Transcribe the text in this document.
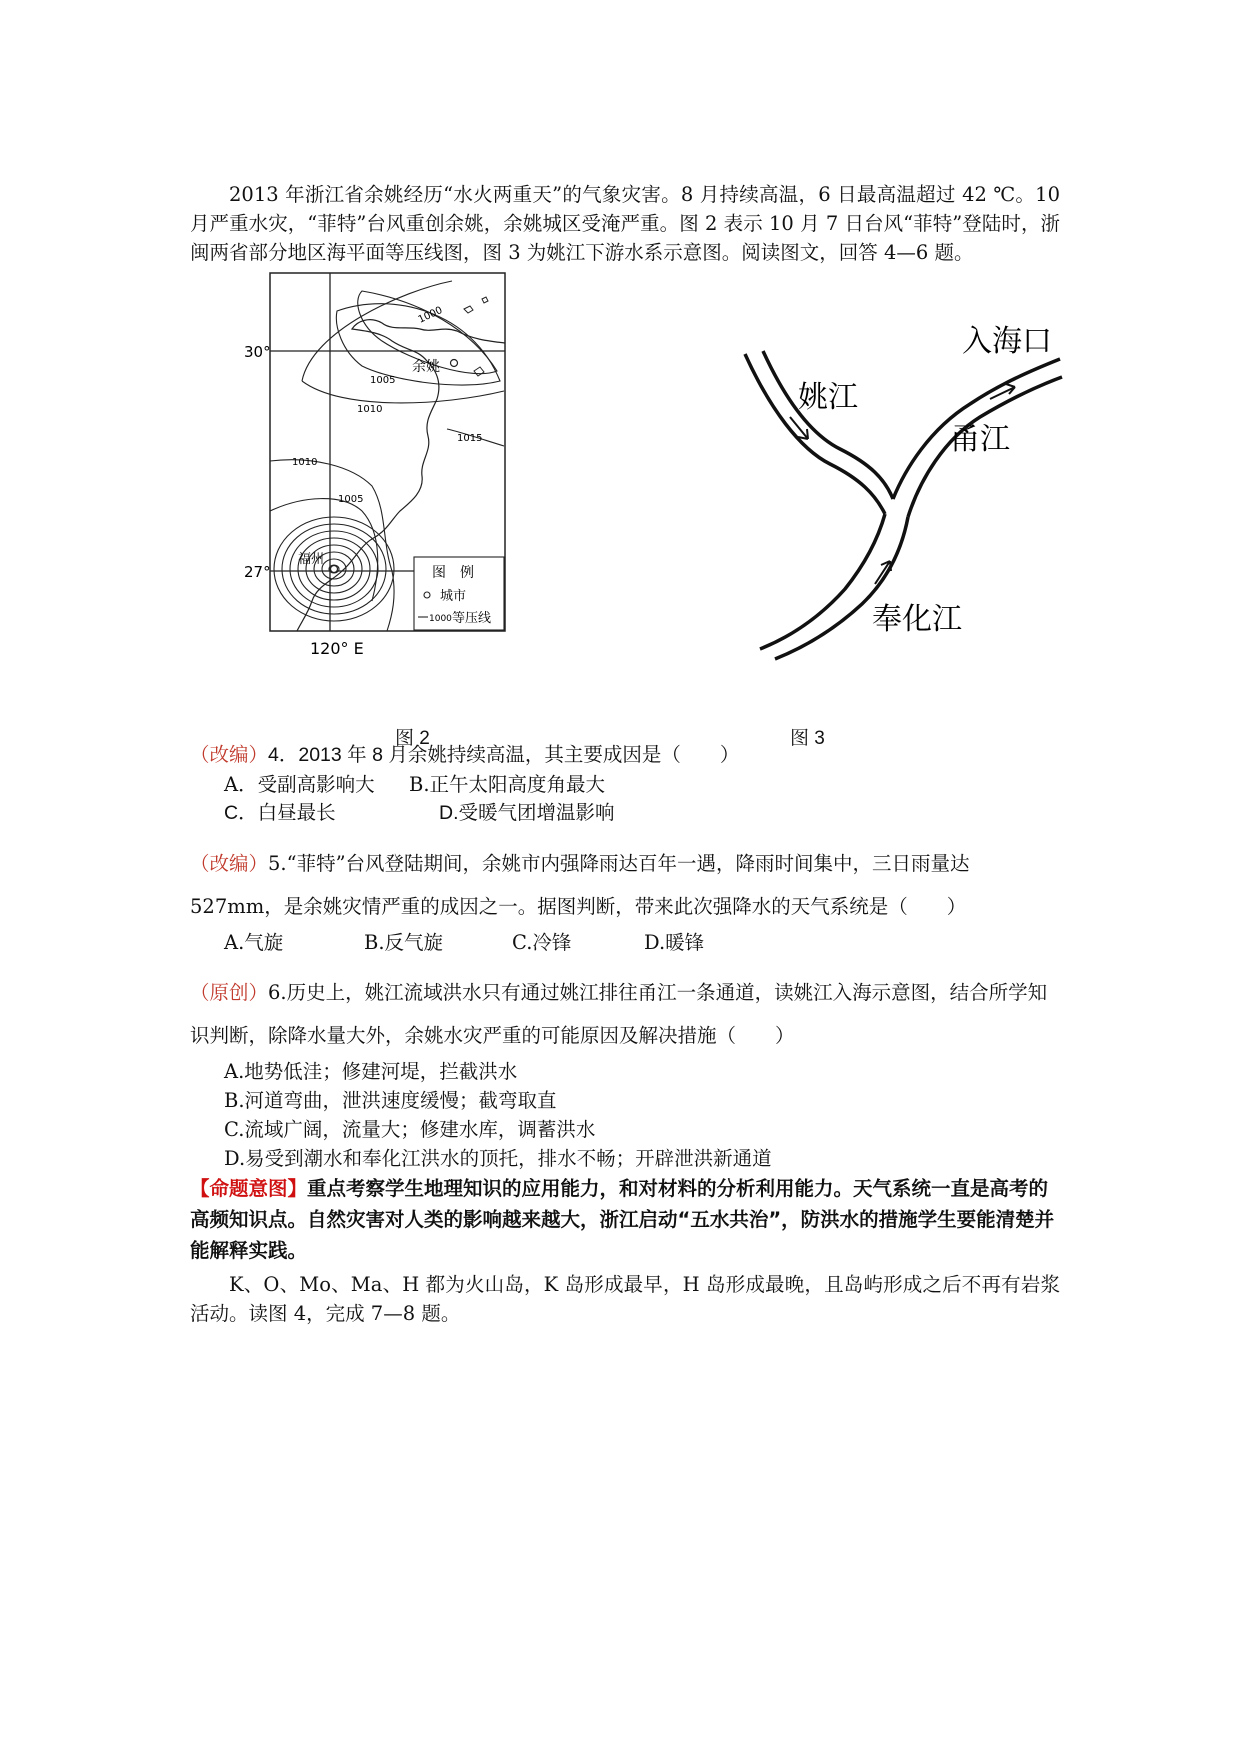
2013 年浙江省余姚经历“水火两重天”的气象灾害。8 月持续高温，6 日最高温超过 42 ℃。10 月严重水灾，“菲特”台风重创余姚，余姚城区受淹严重。图 2 表示 10 月 7 日台风“菲特”登陆时，浙闽两省部分地区海平面等压线图，图 3 为姚江下游水系示意图。阅读图文，回答 4—6 题。

30°
27°
120° E
余姚
福州
1000
1005
1010
1015
1010
1005
图　例
城市
1000 等压线
入海口
姚江
甬江
奉化江
图 2	图 3

（改编）4．2013 年 8 月余姚持续高温，其主要成因是（　　）

A．受副高影响大	B.正午太阳高度角最大
C．白昼最长	D.受暖气团增温影响

（改编）5.“菲特”台风登陆期间，余姚市内强降雨达百年一遇，降雨时间集中，三日雨量达 527mm，是余姚灾情严重的成因之一。据图判断，带来此次强降水的天气系统是（　　）

A.气旋	B.反气旋	C.冷锋	D.暖锋

（原创）6.历史上，姚江流域洪水只有通过姚江排往甬江一条通道，读姚江入海示意图，结合所学知识判断，除降水量大外，余姚水灾严重的可能原因及解决措施（　　）

A.地势低洼；修建河堤，拦截洪水

B.河道弯曲，泄洪速度缓慢；截弯取直

C.流域广阔，流量大；修建水库，调蓄洪水

D.易受到潮水和奉化江洪水的顶托，排水不畅；开辟泄洪新通道

【命题意图】重点考察学生地理知识的应用能力，和对材料的分析利用能力。天气系统一直是高考的高频知识点。自然灾害对人类的影响越来越大，浙江启动“五水共治”，防洪水的措施学生要能清楚并能解释实践。

K、O、Mo、Ma、H 都为火山岛，K 岛形成最早，H 岛形成最晚，且岛屿形成之后不再有岩浆活动。读图 4，完成 7—8 题。
